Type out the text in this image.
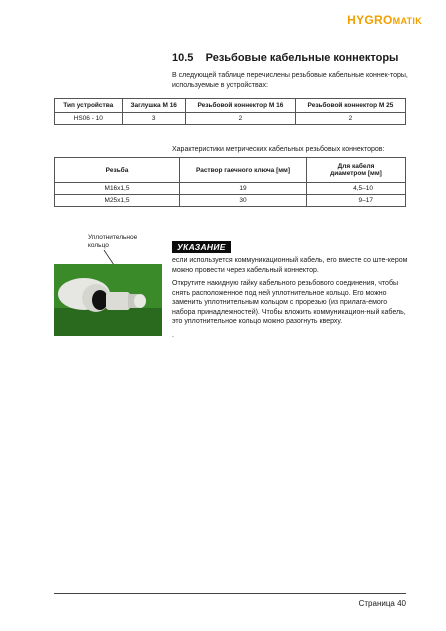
HYGROMATIK
10.5    Резьбовые кабельные коннекторы
В следующей таблице перечислены резьбовые кабельные коннек-торы, используемые в устройствах:
Тип устройства	Заглушка М 16	Резьбовой коннектор М 16	Резьбовой коннектор М 25
HS06 - 10	3	2	2
Характеристики метрических кабельных резьбовых коннекторов:
Резьба	Раствор гаечного ключа [мм]	Для кабеля
диаметром [мм]

M16x1,5	19	4,5–10
M25x1,5	30	9–17
Уплотнительное
кольцо	УКАЗАНИЕ

если используется коммуникационный кабель, его вместе со ште-кером можно провести через кабельный коннектор.

Открутите накидную гайку кабельного резьбового соединения, чтобы снять расположенное под ней уплотнительное кольцо. Его можно заменить уплотнительным кольцом с прорезью (из прилага-емого набора принадлежностей). Чтобы вложить коммуникацион-ный кабель, это уплотнительное кольцо можно разогнуть кверху.

.

Страница 40
